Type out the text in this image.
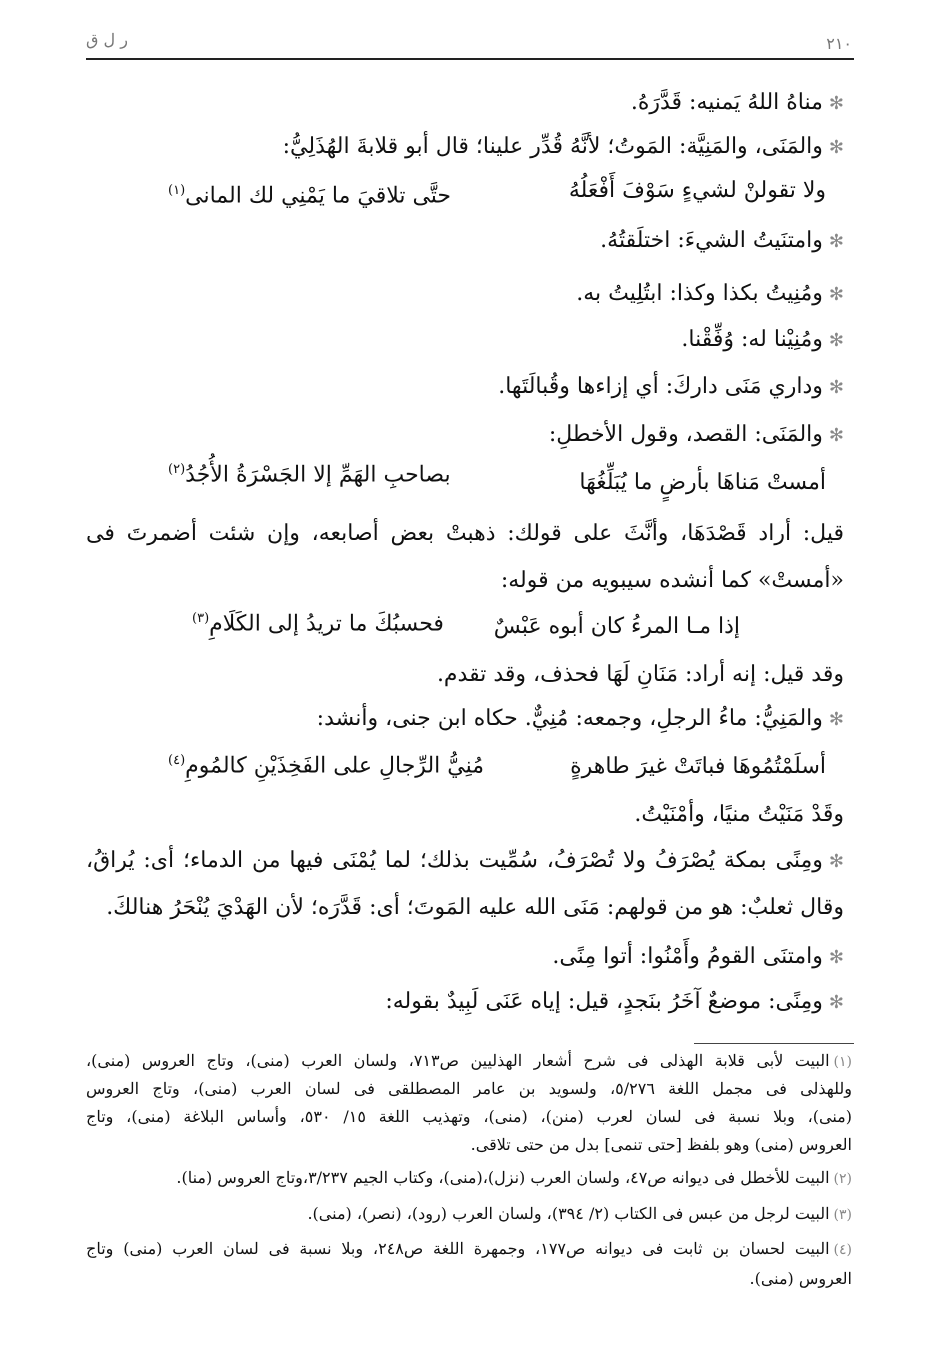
ر ل ق	٢١٠
✻مناهُ اللهُ يَمنيه: قَدَّرَهُ.
✻والمَنَى، والمَنِيَّة: المَوتُ؛ لأنَّهُ قُدِّر علينا؛ قال أبو قلابةَ الهُذَلِيُّ:
ولا تقولنْ لشيءٍ سَوْفَ أَفْعَلُهُ
حتَّى تلاقيَ ما يَمْنِي لك المانى$^{(١)}$
✻وامتنَيتُ الشيءَ: اختلَقتُهُ.
✻ومُنِيتُ بكذا وكذا: ابتُلِيتُ به.
✻ومُنِيْنا له: وُفِّقْنا.
✻وداري مَنَى داركَ: أي إزاءها وقُبالَتَها.
✻والمَنَى: القصد، وقول الأخطلِ:
أمستْ مَناهَا بأرضٍ ما يُبَلِّغُهَا
بصاحبِ الهَمِّ إلا الجَسْرَةُ الأُجُدُ$^{(٢)}$
قيل: أراد قَصْدَهَا، وأنَّثَ على قولك: ذهبتْ بعض أصابعه، وإن شئت أضمرتَ فى
«أمستْ» كما أنشده سيبويه من قوله:
إذا مـا المرءُ كان أبوه عَبْسٌ
فحسبُكَ ما تريدُ إلى الكَلَامِ$^{(٣)}$
وقد قيل: إنه أراد: مَنَانِ لَهَا فحذف، وقد تقدم.
✻والمَنِيُّ: ماءُ الرجلِ، وجمعه: مُنِيٌّ. حكاه ابن جنى، وأنشد:
أسلَمْتُمُوهَا فباتَتْ غيرَ طاهرةٍ
مُنِيُّ الرِّجالِ على الفَخِذَيْنِ كالمُومِ$^{(٤)}$
وقَدْ مَنَيْتُ منيًا، وأمْنَيْتُ.
✻ومِنًى بمكة يُصْرَفُ ولا تُصْرَفُ، سُمِّيت بذلك؛ لما يُمْنَى فيها من الدماء؛ أى: يُراقُ،
وقال ثعلبٌ: هو من قولهم: مَنَى الله عليه المَوتَ؛ أى: قَدَّرَه؛ لأن الهَدْيَ يُنْحَرُ هنالكَ.
✻وامتنَى القومُ وأَمْنُوا: أتوا مِنًى.
✻ومِنًى: موضعٌ آخَرُ بنَجدٍ، قيل: إياه عَنَى لَبِيدٌ بقوله:
(١)البيت لأبى قلابة الهذلى فى شرح أشعار الهذليين ص٧١٣، ولسان العرب (منى)، وتاج العروس (منى)،
وللهذلى فى مجمل اللغة ٥/٢٧٦، ولسويد بن عامر المصطلقى فى لسان العرب (منى)، وتاج العروس
(منى)، وبلا نسبة فى لسان لعرب (منن)، (منى)، وتهذيب اللغة ١٥/ ٥٣٠، وأساس البلاغة (منى)، وتاج
العروس (منى) وهو بلفظ [حتى تنمى] بدل من حتى تلاقى.
(٢)البيت للأخطل فى ديوانه ص٤٧، ولسان العرب (نزل)،(منى)، وكتاب الجيم ٣/٢٣٧،وتاج العروس (منا).
(٣)البيت لرجل من عبس فى الكتاب (٢/ ٣٩٤)، ولسان العرب (رود)، (نصر)، (منى).
(٤)البيت لحسان بن ثابت فى ديوانه ص١٧٧، وجمهرة اللغة ص٢٤٨، وبلا نسبة فى لسان العرب (منى) وتاج
العروس (منى).
